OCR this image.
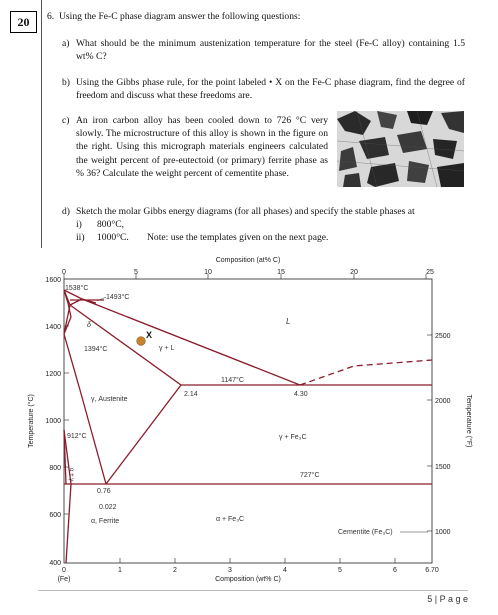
20 6. Using the Fe-C phase diagram answer the following questions:
a) What should be the minimum austenization temperature for the steel (Fe-C alloy) containing 1.5 wt% C?
b) Using the Gibbs phase rule, for the point labeled • X on the Fe-C phase diagram, find the degree of freedom and discuss what these freedoms are.
c) An iron carbon alloy has been cooled down to 726 °C very slowly. The microstructure of this alloy is shown in the figure on the right. Using this micrograph materials engineers calculated the weight percent of pre-eutectoid (or primary) ferrite phase as % 36? Calculate the weight percent of cementite phase.
d) Sketch the molar Gibbs energy diagrams (for all phases) and specify the stable phases at
i) 800°C,
ii) 1000°C. Note: use the templates given on the next page.
Composition (at% C)
0	5	10	15	20	25
Temperature (°C)
1600
1400
1200
1000
800
600
400
Temperature (°F)
2500
2000
1500
1000
0	1	2	3	4	5	6	6.70
(Fe)	Composition (wt% C)
1538°C
1493°C
δ
1394°C
X
γ + L
L
1147°C
2.14	4.30
γ, Austenite
912°C	γ + Fe₃C
727°C
α + γ
0.76
0.022
α, Ferrite	α + Fe₃C
Cementite (Fe₃C)
5 | P a g e
